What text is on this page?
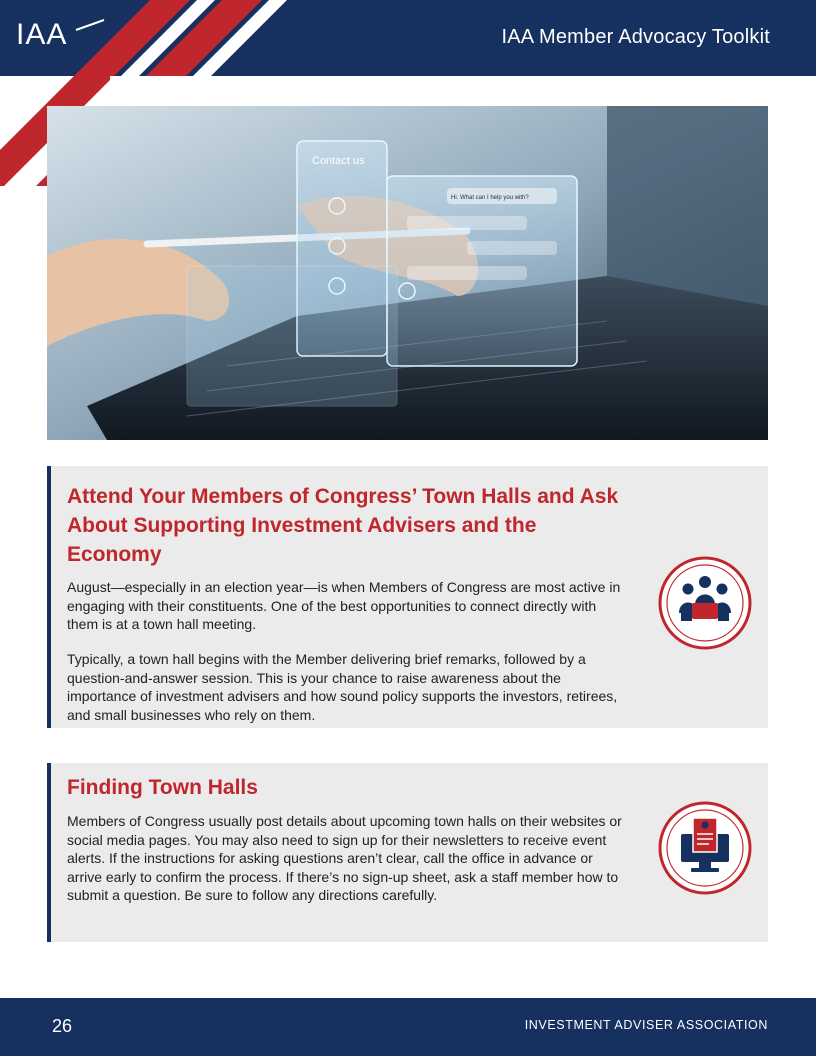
IAA	IAA Member Advocacy Toolkit
Contact us
Hi. What can I help you with?
Attend Your Members of Congress’ Town Halls and Ask About Supporting Investment Advisers and the Economy

August—especially in an election year—is when Members of Congress are most active in engaging with their constituents. One of the best opportunities to connect directly with them is at a town hall meeting.

Typically, a town hall begins with the Member delivering brief remarks, followed by a question-and-answer session. This is your chance to raise awareness about the importance of investment advisers and how sound policy supports the investors, retirees, and small businesses who rely on them.

Finding Town Halls

Members of Congress usually post details about upcoming town halls on their websites or social media pages. You may also need to sign up for their newsletters to receive event alerts. If the instructions for asking questions aren’t clear, call the office in advance or arrive early to confirm the process. If there’s no sign-up sheet, ask a staff member how to submit a question. Be sure to follow any directions carefully.

26	INVESTMENT ADVISER ASSOCIATION
